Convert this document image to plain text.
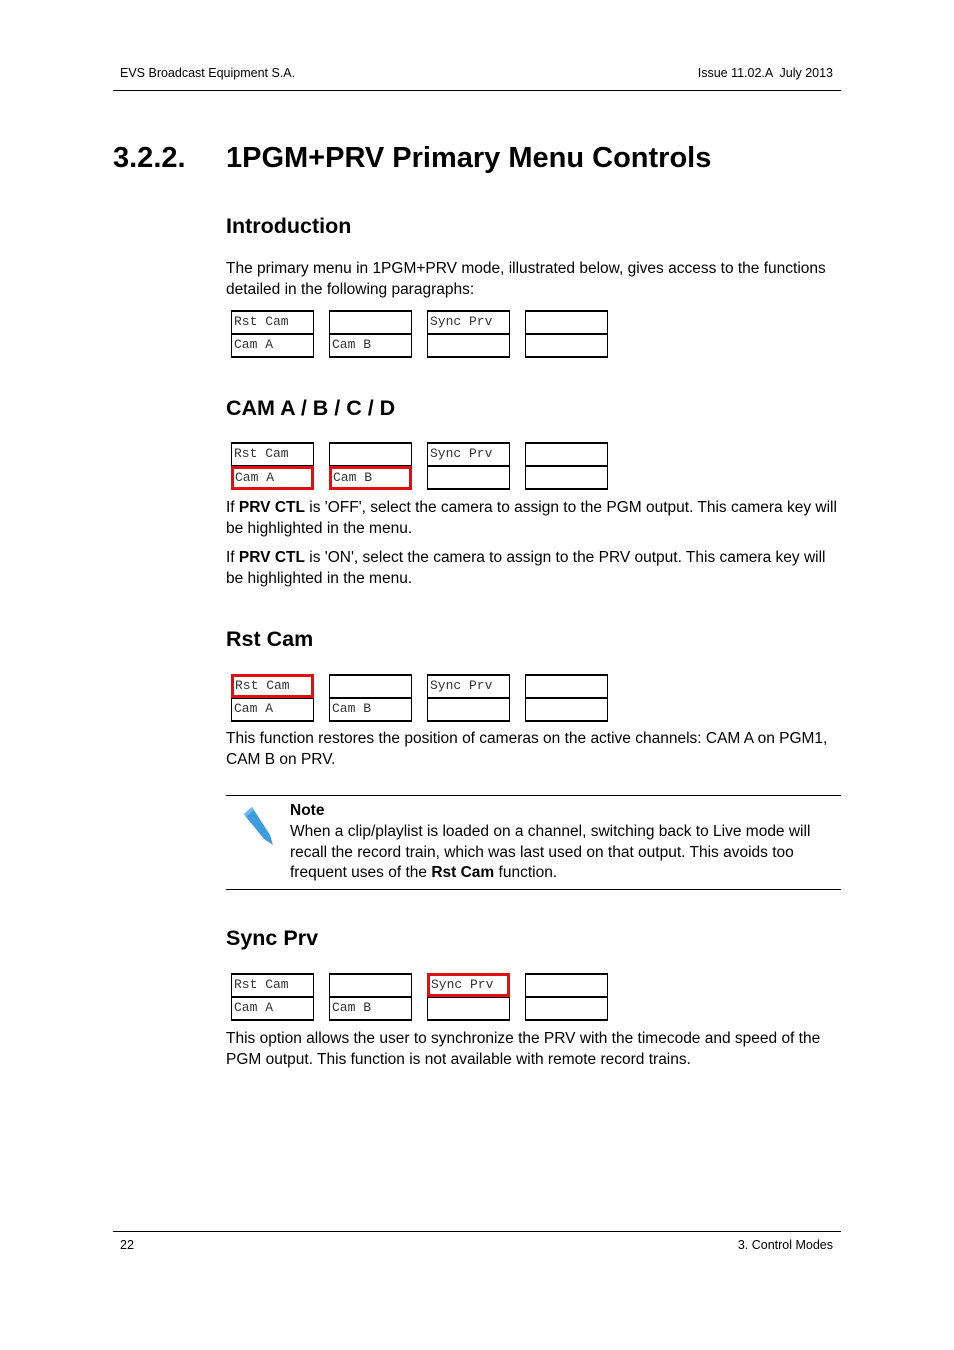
EVS Broadcast Equipment S.A.	Issue 11.02.A  July 2013
3.2.2. 1PGM+PRV Primary Menu Controls
Introduction
The primary menu in 1PGM+PRV mode, illustrated below, gives access to the functions detailed in the following paragraphs:
Rst Cam	Sync Prv
Cam A	Cam B
CAM A / B / C / D
Rst Cam	Sync Prv
Cam A	Cam B
If PRV CTL is 'OFF', select the camera to assign to the PGM output. This camera key will be highlighted in the menu.
If PRV CTL is 'ON', select the camera to assign to the PRV output. This camera key will be highlighted in the menu.
Rst Cam
Rst Cam	Sync Prv
Cam A	Cam B
This function restores the position of cameras on the active channels: CAM A on PGM1, CAM B on PRV.
Note
When a clip/playlist is loaded on a channel, switching back to Live mode will recall the record train, which was last used on that output. This avoids too frequent uses of the Rst Cam function.
Sync Prv
Rst Cam	Sync Prv
Cam A	Cam B
This option allows the user to synchronize the PRV with the timecode and speed of the PGM output. This function is not available with remote record trains.
22	3. Control Modes
